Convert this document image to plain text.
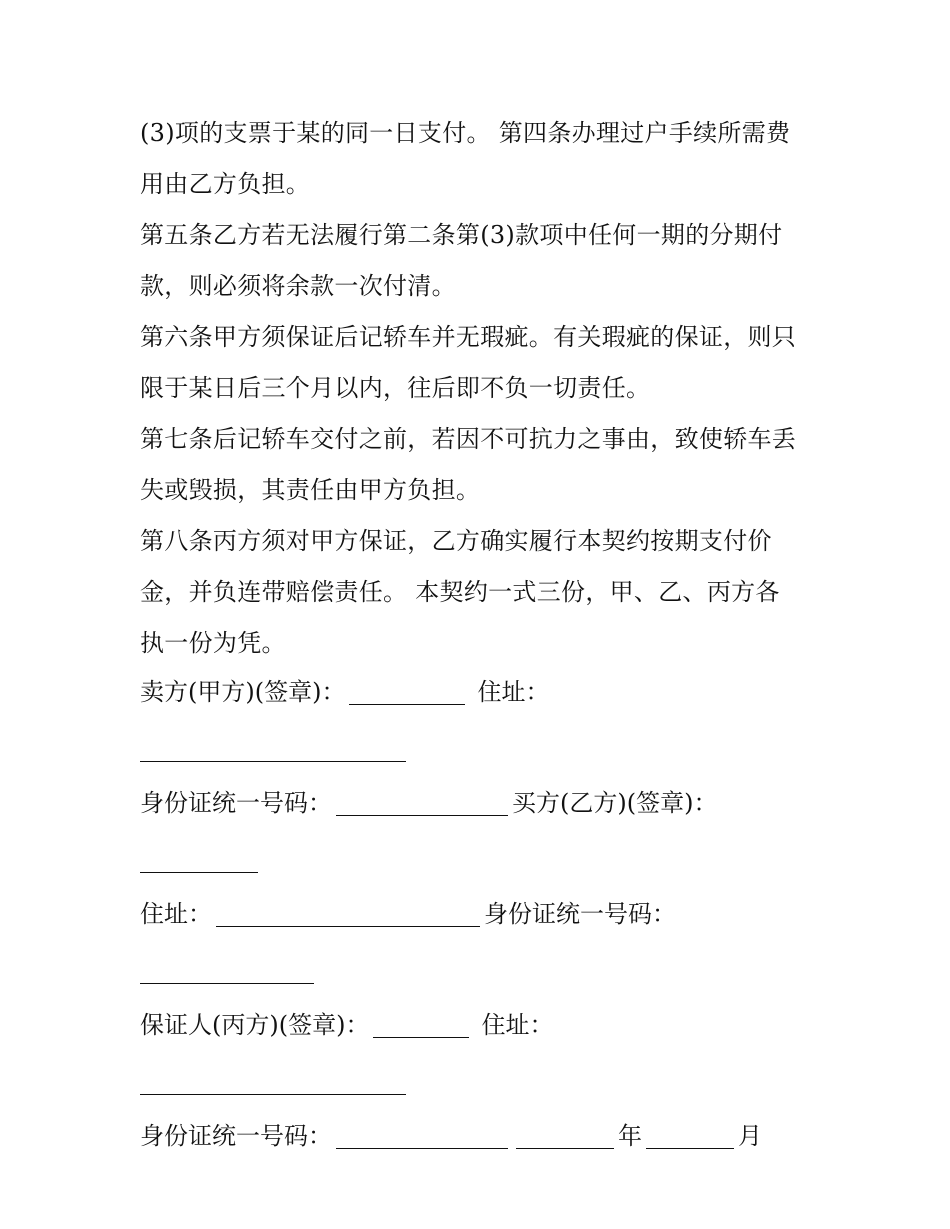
(3)项的支票于某的同一日支付。 第四条办理过户手续所需费
用由乙方负担。
第五条乙方若无法履行第二条第(3)款项中任何一期的分期付
款，则必须将余款一次付清。
第六条甲方须保证后记轿车并无瑕疵。有关瑕疵的保证，则只
限于某日后三个月以内，往后即不负一切责任。
第七条后记轿车交付之前，若因不可抗力之事由，致使轿车丢
失或毁损，其责任由甲方负担。
第八条丙方须对甲方保证，乙方确实履行本契约按期支付价
金，并负连带赔偿责任。 本契约一式三份，甲、乙、丙方各
执一份为凭。
卖方(甲方)(签章)：	住址：
身份证统一号码：	买方(乙方)(签章)：
住址：	身份证统一号码：
保证人(丙方)(签章)：	住址：
身份证统一号码：	年	月
